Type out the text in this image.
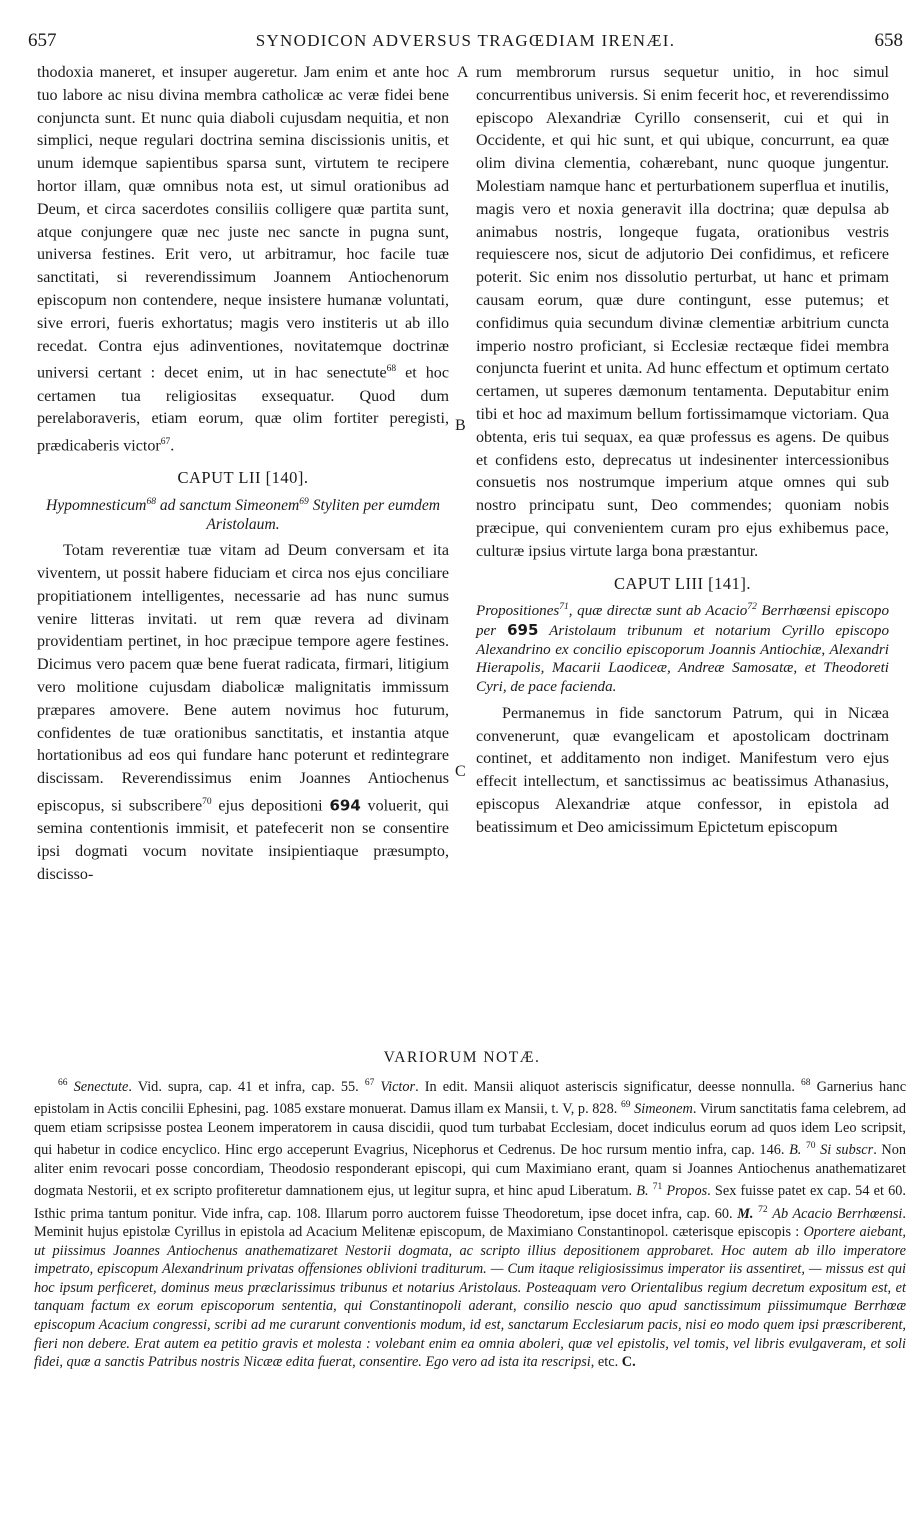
657	SYNODICON ADVERSUS TRAGŒDIAM IRENÆI.	658
A
B
C

thodoxia maneret, et insuper augeretur. Jam enim et ante hoc tuo labore ac nisu divina membra catholicæ ac veræ fidei bene conjuncta sunt. Et nunc quia diaboli cujusdam nequitia, et non simplici, neque regulari doctrina semina discissionis unitis, et unum idemque sapientibus sparsa sunt, virtutem te recipere hortor illam, quæ omnibus nota est, ut simul orationibus ad Deum, et circa sacerdotes consiliis colligere quæ partita sunt, atque conjungere quæ nec juste nec sancte in pugna sunt, universa festines. Erit vero, ut arbitramur, hoc facile tuæ sanctitati, si reverendissimum Joannem Antiochenorum episcopum non contendere, neque insistere humanæ voluntati, sive errori, fueris exhortatus; magis vero institeris ut ab illo recedat. Contra ejus adinventiones, novitatemque doctrinæ universi certant : decet enim, ut in hac senectute$^{68}$ et hoc certamen tua religiositas exsequatur. Quod dum perelaboraveris, etiam eorum, quæ olim fortiter peregisti, prædicaberis victor$^{67}$.

CAPUT LII [140].
Hypomnesticum$^{68}$ ad sanctum Simeonem$^{69}$ Styliten per eumdem Aristolaum.

Totam reverentiæ tuæ vitam ad Deum conversam et ita viventem, ut possit habere fiduciam et circa nos ejus conciliare propitiationem intelligentes, necessarie ad has nunc sumus venire litteras invitati. ut rem quæ revera ad divinam providentiam pertinet, in hoc præcipue tempore agere festines. Dicimus vero pacem quæ bene fuerat radicata, firmari, litigium vero molitione cujusdam diabolicæ malignitatis immissum præpares amovere. Bene autem novimus hoc futurum, confidentes de tuæ orationibus sanctitatis, et instantia atque hortationibus ad eos qui fundare hanc poterunt et redintegrare discissam. Reverendissimus enim Joannes Antiochenus episcopus, si subscribere$^{70}$ ejus depositioni 694 voluerit, qui semina contentionis immisit, et patefecerit non se consentire ipsi dogmati vocum novitate insipientiaque præsumpto, discisso-

rum membrorum rursus sequetur unitio, in hoc simul concurrentibus universis. Si enim fecerit hoc, et reverendissimo episcopo Alexandriæ Cyrillo consenserit, cui et qui in Occidente, et qui hic sunt, et qui ubique, concurrunt, ea quæ olim divina clementia, cohærebant, nunc quoque jungentur. Molestiam namque hanc et perturbationem superflua et inutilis, magis vero et noxia generavit illa doctrina; quæ depulsa ab animabus nostris, longeque fugata, orationibus vestris requiescere nos, sicut de adjutorio Dei confidimus, et reficere poterit. Sic enim nos dissolutio perturbat, ut hanc et primam causam eorum, quæ dure contingunt, esse putemus; et confidimus quia secundum divinæ clementiæ arbitrium cuncta imperio nostro proficiant, si Ecclesiæ rectæque fidei membra conjuncta fuerint et unita. Ad hunc effectum et optimum certato certamen, ut superes dæmonum tentamenta. Deputabitur enim tibi et hoc ad maximum bellum fortissimamque victoriam. Qua obtenta, eris tui sequax, ea quæ professus es agens. De quibus et confidens esto, deprecatus ut indesinenter intercessionibus consuetis nos nostrumque imperium atque omnes qui sub nostro principatu sunt, Deo commendes; quoniam nobis præcipue, qui convenientem curam pro ejus exhibemus pace, culturæ ipsius virtute larga bona præstantur.

CAPUT LIII [141].
Propositiones$^{71}$, quæ directæ sunt ab Acacio$^{72}$ Berrhœensi episcopo per 695 Aristolaum tribunum et notarium Cyrillo episcopo Alexandrino ex concilio episcoporum Joannis Antiochiæ, Alexandri Hierapolis, Macarii Laodiceæ, Andreæ Samosatæ, et Theodoreti Cyri, de pace facienda.

Permanemus in fide sanctorum Patrum, qui in Nicæa convenerunt, quæ evangelicam et apostolicam doctrinam continet, et additamento non indiget. Manifestum vero ejus effecit intellectum, et sanctissimus ac beatissimus Athanasius, episcopus Alexandriæ atque confessor, in epistola ad beatissimum et Deo amicissimum Epictetum episcopum

VARIORUM NOTÆ.
$^{66}$ Senectute. Vid. supra, cap. 41 et infra, cap. 55. $^{67}$ Victor. In edit. Mansii aliquot asteriscis significatur, deesse nonnulla. $^{68}$ Garnerius hanc epistolam in Actis concilii Ephesini, pag. 1085 exstare monuerat. Damus illam ex Mansii, t. V, p. 828. $^{69}$ Simeonem. Virum sanctitatis fama celebrem, ad quem etiam scripsisse postea Leonem imperatorem in causa discidii, quod tum turbabat Ecclesiam, docet indiculus eorum ad quos idem Leo scripsit, qui habetur in codice encyclico. Hinc ergo acceperunt Evagrius, Nicephorus et Cedrenus. De hoc rursum mentio infra, cap. 146. B. $^{70}$ Si subscr. Non aliter enim revocari posse concordiam, Theodosio responderant episcopi, qui cum Maximiano erant, quam si Joannes Antiochenus anathematizaret dogmata Nestorii, et ex scripto profiteretur damnationem ejus, ut legitur supra, et hinc apud Liberatum. B. $^{71}$ Propos. Sex fuisse patet ex cap. 54 et 60. Isthic prima tantum ponitur. Vide infra, cap. 108. Illarum porro auctorem fuisse Theodoretum, ipse docet infra, cap. 60. M. $^{72}$ Ab Acacio Berrhœensi. Meminit hujus epistolæ Cyrillus in epistola ad Acacium Melitenæ episcopum, de Maximiano Constantinopol. cæterisque episcopis : Oportere aiebant, ut piissimus Joannes Antiochenus anathematizaret Nestorii dogmata, ac scripto illius depositionem approbaret. Hoc autem ab illo imperatore impetrato, episcopum Alexandrinum privatas offensiones oblivioni traditurum. — Cum itaque religiosissimus imperator iis assentiret, — missus est qui hoc ipsum perficeret, dominus meus præclarissimus tribunus et notarius Aristolaus. Posteaquam vero Orientalibus regium decretum expositum est, et tanquam factum ex eorum episcoporum sententia, qui Constantinopoli aderant, consilio nescio quo apud sanctissimum piissimumque Berrhœæ episcopum Acacium congressi, scribi ad me curarunt conventionis modum, id est, sanctarum Ecclesiarum pacis, nisi eo modo quem ipsi præscriberent, fieri non debere. Erat autem ea petitio gravis et molesta : volebant enim ea omnia aboleri, quæ vel epistolis, vel tomis, vel libris evulgaveram, et soli fidei, quæ a sanctis Patribus nostris Nicææ edita fuerat, consentire. Ego vero ad ista ita rescripsi, etc. C.
